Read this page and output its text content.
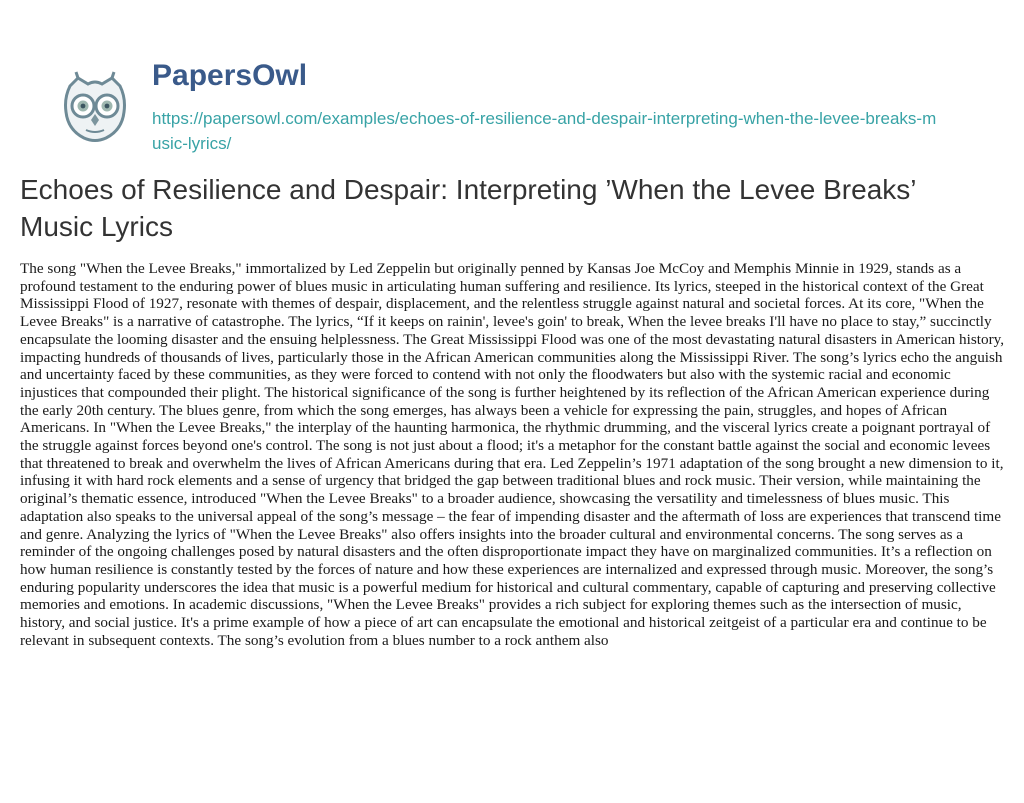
PapersOwl
https://papersowl.com/examples/echoes-of-resilience-and-despair-interpreting-when-the-levee-breaks-music-lyrics/
Echoes of Resilience and Despair: Interpreting ’When the Levee Breaks’ Music Lyrics

The song "When the Levee Breaks," immortalized by Led Zeppelin but originally penned by Kansas Joe McCoy and Memphis Minnie in 1929, stands as a profound testament to the enduring power of blues music in articulating human suffering and resilience. Its lyrics, steeped in the historical context of the Great Mississippi Flood of 1927, resonate with themes of despair, displacement, and the relentless struggle against natural and societal forces. At its core, "When the Levee Breaks" is a narrative of catastrophe. The lyrics, “If it keeps on rainin', levee's goin' to break, When the levee breaks I'll have no place to stay,” succinctly encapsulate the looming disaster and the ensuing helplessness. The Great Mississippi Flood was one of the most devastating natural disasters in American history, impacting hundreds of thousands of lives, particularly those in the African American communities along the Mississippi River. The song’s lyrics echo the anguish and uncertainty faced by these communities, as they were forced to contend with not only the floodwaters but also with the systemic racial and economic injustices that compounded their plight. The historical significance of the song is further heightened by its reflection of the African American experience during the early 20th century. The blues genre, from which the song emerges, has always been a vehicle for expressing the pain, struggles, and hopes of African Americans. In "When the Levee Breaks," the interplay of the haunting harmonica, the rhythmic drumming, and the visceral lyrics create a poignant portrayal of the struggle against forces beyond one's control. The song is not just about a flood; it's a metaphor for the constant battle against the social and economic levees that threatened to break and overwhelm the lives of African Americans during that era. Led Zeppelin’s 1971 adaptation of the song brought a new dimension to it, infusing it with hard rock elements and a sense of urgency that bridged the gap between traditional blues and rock music. Their version, while maintaining the original’s thematic essence, introduced "When the Levee Breaks" to a broader audience, showcasing the versatility and timelessness of blues music. This adaptation also speaks to the universal appeal of the song’s message – the fear of impending disaster and the aftermath of loss are experiences that transcend time and genre. Analyzing the lyrics of "When the Levee Breaks" also offers insights into the broader cultural and environmental concerns. The song serves as a reminder of the ongoing challenges posed by natural disasters and the often disproportionate impact they have on marginalized communities. It’s a reflection on how human resilience is constantly tested by the forces of nature and how these experiences are internalized and expressed through music. Moreover, the song’s enduring popularity underscores the idea that music is a powerful medium for historical and cultural commentary, capable of capturing and preserving collective memories and emotions. In academic discussions, "When the Levee Breaks" provides a rich subject for exploring themes such as the intersection of music, history, and social justice. It's a prime example of how a piece of art can encapsulate the emotional and historical zeitgeist of a particular era and continue to be relevant in subsequent contexts. The song’s evolution from a blues number to a rock anthem also
